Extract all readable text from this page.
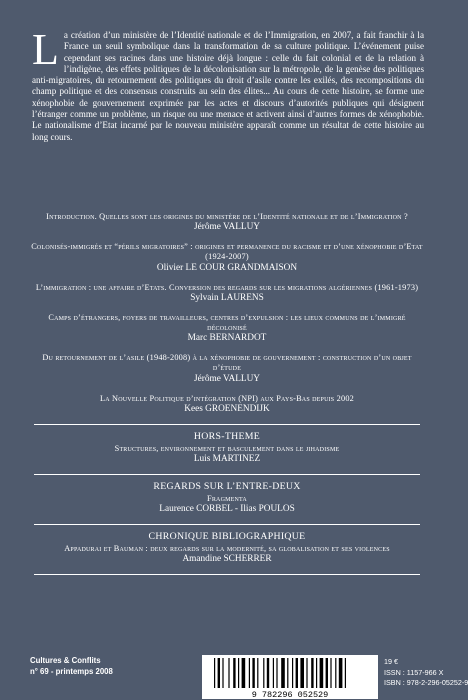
La création d’un ministère de l’Identité nationale et de l’Immigration, en 2007, a fait franchir à la France un seuil symbolique dans la transformation de sa culture politique. L’événement puise cependant ses racines dans une histoire déjà longue : celle du fait colonial et de la relation à l’indigène, des effets politiques de la décolonisation sur la métropole, de la genèse des politiques anti-migratoires, du retournement des politiques du droit d’asile contre les exilés, des recompositions du champ politique et des consensus construits au sein des élites... Au cours de cette histoire, se forme une xénophobie de gouvernement exprimée par les actes et discours d’autorités publiques qui désignent l’étranger comme un problème, un risque ou une menace et activent ainsi d’autres formes de xénophobie. Le nationalisme d’Etat incarné par le nouveau ministère apparaît comme un résultat de cette histoire au long cours.
Introduction. Quelles sont les origines du ministère de l’Identité nationale et de l’Immigration ?
Jérôme VALLUY
Colonisés-immigrés et “périls migratoires” : origines et permanence du racisme et d’une xénophobie d’Etat (1924-2007)
Olivier LE COUR GRANDMAISON
L’immigration : une affaire d’Etats. Conversion des regards sur les migrations algériennes (1961-1973)
Sylvain LAURENS
Camps d’étrangers, foyers de travailleurs, centres d’expulsion : les lieux communs de l’immigré décolonisé
Marc BERNARDOT
Du retournement de l’asile (1948-2008) à la xénophobie de gouvernement : construction d’un objet d’étude
Jérôme VALLUY
La Nouvelle Politique d’intégration (NPI) aux Pays-Bas depuis 2002
Kees GROENENDIJK
HORS-THEME
Structures, environnement et basculement dans le jihadisme
Luis MARTINEZ
REGARDS SUR L’ENTRE-DEUX
Fragmenta
Laurence CORBEL - Ilias POULOS
CHRONIQUE BIBLIOGRAPHIQUE
Appadurai et Bauman : deux regards sur la modernité, sa globalisation et ses violences
Amandine SCHERRER
Cultures & Conflits
n° 69 - printemps 2008
9 782296 052529
19 €
ISSN : 1157-966 X
ISBN : 978-2-296-05252-9
